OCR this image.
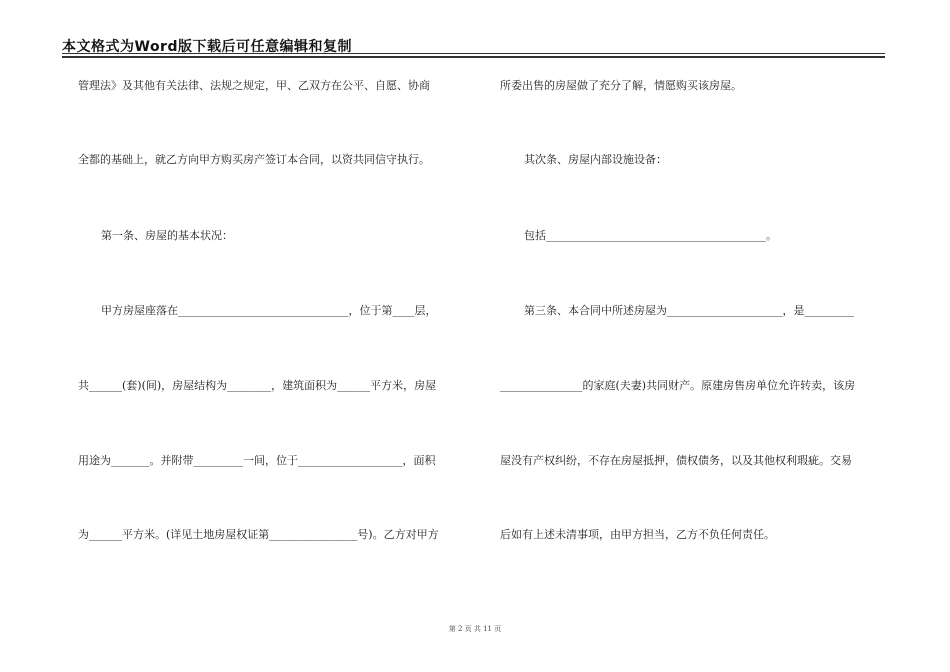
本文格式为Word版下载后可任意编辑和复制
管理法》及其他有关法律、法规之规定，甲、乙双方在公平、自愿、协商
全都的基础上，就乙方向甲方购买房产签订本合同，以资共同信守执行。
第一条、房屋的基本状况：
甲方房屋座落在_______________________________，位于第____层，
共______(套)(间)，房屋结构为________，建筑面积为______平方米，房屋
用途为_______。并附带_________一间，位于___________________，面积
为______平方米。(详见土地房屋权证第________________号)。乙方对甲方
所委出售的房屋做了充分了解，情愿购买该房屋。
其次条、房屋内部设施设备：
包括________________________________________。
第三条、本合同中所述房屋为_____________________，是_________
_______________的家庭(夫妻)共同财产。原建房售房单位允许转卖，该房
屋没有产权纠纷，不存在房屋抵押，债权债务，以及其他权利瑕疵。交易
后如有上述未清事项，由甲方担当，乙方不负任何责任。
第 2 页 共 11 页
